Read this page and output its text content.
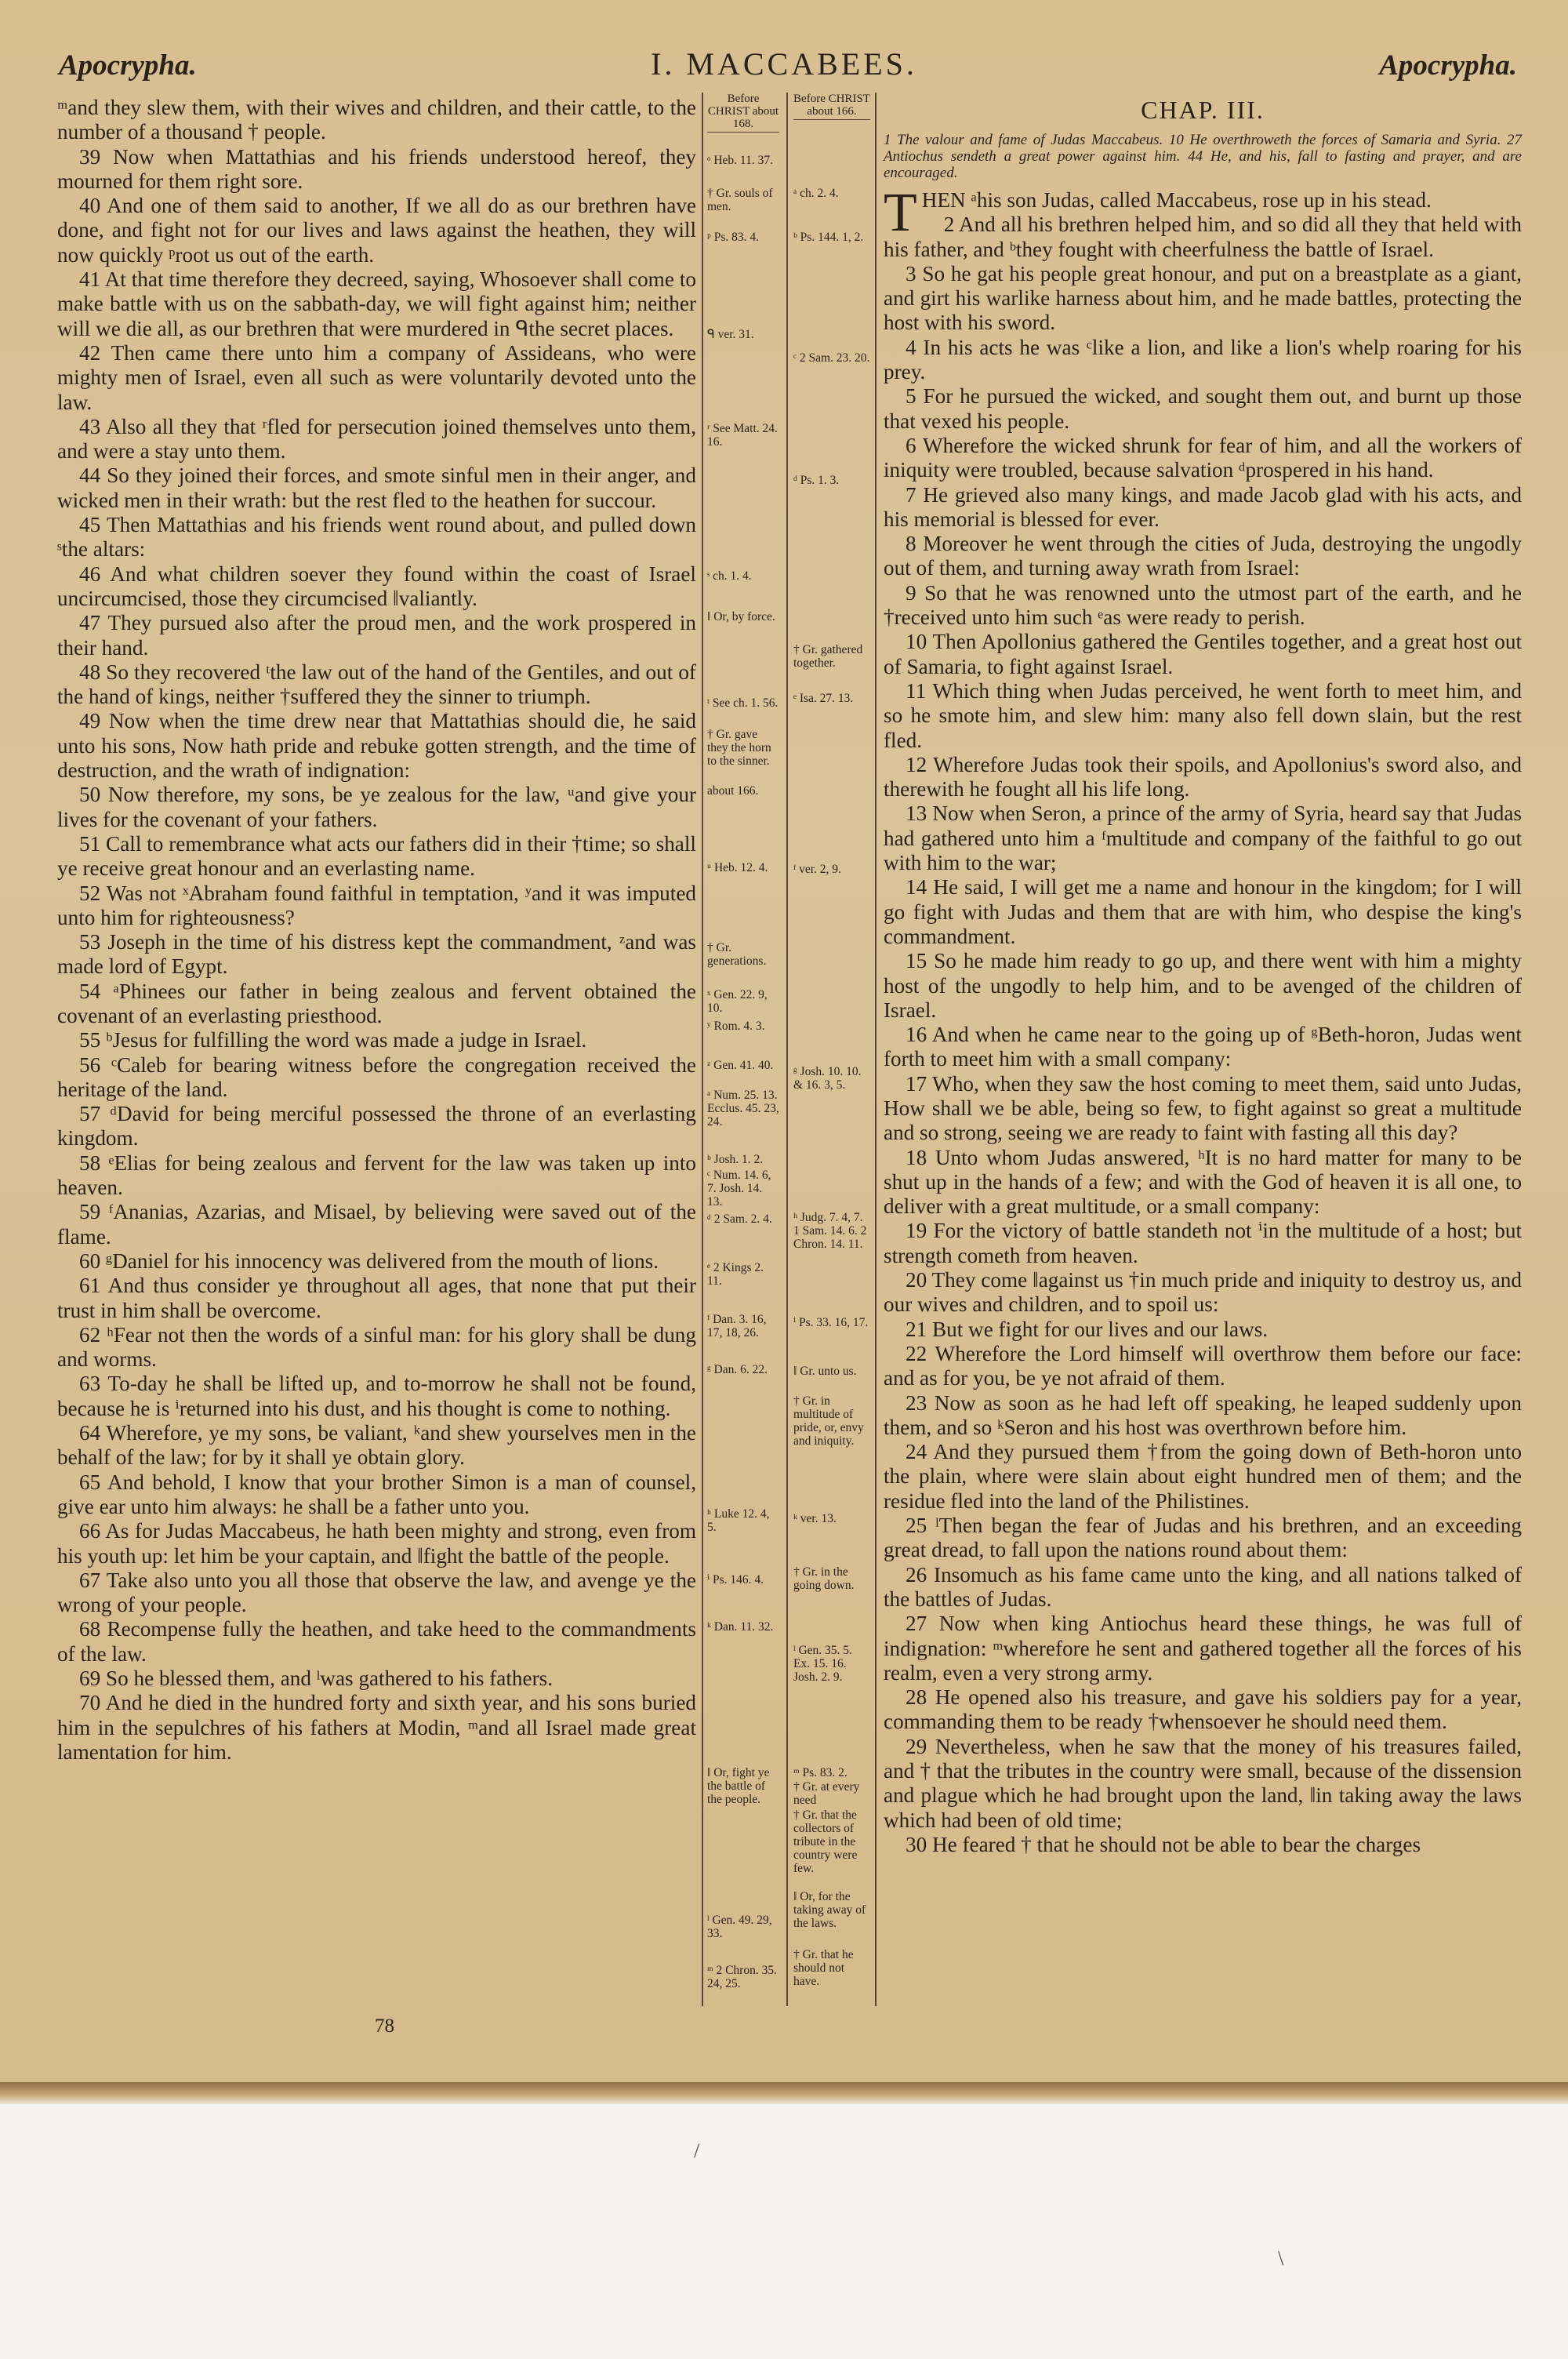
Apocrypha.	I. MACCABEES.	Apocrypha.

ᵐand they slew them, with their wives and children, and their cattle, to the number of a thousand † people.

39 Now when Mattathias and his friends understood hereof, they mourned for them right sore.

40 And one of them said to another, If we all do as our brethren have done, and fight not for our lives and laws against the heathen, they will now quickly ᵖroot us out of the earth.

41 At that time therefore they decreed, saying, Whosoever shall come to make battle with us on the sabbath-day, we will fight against him; neither will we die all, as our brethren that were murdered in ᑫthe secret places.

42 Then came there unto him a company of Assideans, who were mighty men of Israel, even all such as were voluntarily devoted unto the law.

43 Also all they that ʳfled for persecution joined themselves unto them, and were a stay unto them.

44 So they joined their forces, and smote sinful men in their anger, and wicked men in their wrath: but the rest fled to the heathen for succour.

45 Then Mattathias and his friends went round about, and pulled down ˢthe altars:

46 And what children soever they found within the coast of Israel uncircumcised, those they circumcised ‖valiantly.

47 They pursued also after the proud men, and the work prospered in their hand.

48 So they recovered ᵗthe law out of the hand of the Gentiles, and out of the hand of kings, neither †suffered they the sinner to triumph.

49 Now when the time drew near that Mattathias should die, he said unto his sons, Now hath pride and rebuke gotten strength, and the time of destruction, and the wrath of indignation:

50 Now therefore, my sons, be ye zealous for the law, ᵘand give your lives for the covenant of your fathers.

51 Call to remembrance what acts our fathers did in their †time; so shall ye receive great honour and an everlasting name.

52 Was not ˣAbraham found faithful in temptation, ʸand it was imputed unto him for righteousness?

53 Joseph in the time of his distress kept the commandment, ᶻand was made lord of Egypt.

54 ᵃPhinees our father in being zealous and fervent obtained the covenant of an everlasting priesthood.

55 ᵇJesus for fulfilling the word was made a judge in Israel.

56 ᶜCaleb for bearing witness before the congregation received the heritage of the land.

57 ᵈDavid for being merciful possessed the throne of an everlasting kingdom.

58 ᵉElias for being zealous and fervent for the law was taken up into heaven.

59 ᶠAnanias, Azarias, and Misael, by believing were saved out of the flame.

60 ᵍDaniel for his innocency was delivered from the mouth of lions.

61 And thus consider ye throughout all ages, that none that put their trust in him shall be overcome.

62 ʰFear not then the words of a sinful man: for his glory shall be dung and worms.

63 To-day he shall be lifted up, and to-morrow he shall not be found, because he is ⁱreturned into his dust, and his thought is come to nothing.

64 Wherefore, ye my sons, be valiant, ᵏand shew yourselves men in the behalf of the law; for by it shall ye obtain glory.

65 And behold, I know that your brother Simon is a man of counsel, give ear unto him always: he shall be a father unto you.

66 As for Judas Maccabeus, he hath been mighty and strong, even from his youth up: let him be your captain, and ‖fight the battle of the people.

67 Take also unto you all those that observe the law, and avenge ye the wrong of your people.

68 Recompense fully the heathen, and take heed to the commandments of the law.

69 So he blessed them, and ˡwas gathered to his fathers.

70 And he died in the hundred forty and sixth year, and his sons buried him in the sepulchres of his fathers at Modin, ᵐand all Israel made great lamentation for him.

Before CHRIST about 168.
ᵒ Heb. 11. 37.
† Gr. souls of men.
ᵖ Ps. 83. 4.
ᑫ ver. 31.
ʳ See Matt. 24. 16.
ˢ ch. 1. 4.
‖ Or, by force.
ᵗ See ch. 1. 56.
† Gr. gave they the horn to the sinner.
about 166.
ᵘ Heb. 12. 4.
† Gr. generations.
ˣ Gen. 22. 9, 10.
ʸ Rom. 4. 3.
ᶻ Gen. 41. 40.
ᵃ Num. 25. 13. Ecclus. 45. 23, 24.
ᵇ Josh. 1. 2.
ᶜ Num. 14. 6, 7. Josh. 14. 13.
ᵈ 2 Sam. 2. 4.
ᵉ 2 Kings 2. 11.
ᶠ Dan. 3. 16, 17, 18, 26.
ᵍ Dan. 6. 22.
ʰ Luke 12. 4, 5.
ⁱ Ps. 146. 4.
ᵏ Dan. 11. 32.
‖ Or, fight ye the battle of the people.
ˡ Gen. 49. 29, 33.
ᵐ 2 Chron. 35. 24, 25.
Before CHRIST about 166.
ᵃ ch. 2. 4.
ᵇ Ps. 144. 1, 2.
ᶜ 2 Sam. 23. 20.
ᵈ Ps. 1. 3.
† Gr. gathered together.
ᵉ Isa. 27. 13.
ᶠ ver. 2, 9.
ᵍ Josh. 10. 10. & 16. 3, 5.
ʰ Judg. 7. 4, 7. 1 Sam. 14. 6. 2 Chron. 14. 11.
ⁱ Ps. 33. 16, 17.
‖ Gr. unto us.
† Gr. in multitude of pride, or, envy and iniquity.
ᵏ ver. 13.
† Gr. in the going down.
ˡ Gen. 35. 5. Ex. 15. 16. Josh. 2. 9.
ᵐ Ps. 83. 2.
† Gr. at every need
† Gr. that the collectors of tribute in the country were few.
‖ Or, for the taking away of the laws.
† Gr. that he should not have.
CHAP. III.
1 The valour and fame of Judas Maccabeus. 10 He overthroweth the forces of Samaria and Syria. 27 Antiochus sendeth a great power against him. 44 He, and his, fall to fasting and prayer, and are encouraged.

T HEN ᵃhis son Judas, called Maccabeus, rose up in his stead.

2 And all his brethren helped him, and so did all they that held with his father, and ᵇthey fought with cheerfulness the battle of Israel.

3 So he gat his people great honour, and put on a breastplate as a giant, and girt his warlike harness about him, and he made battles, protecting the host with his sword.

4 In his acts he was ᶜlike a lion, and like a lion's whelp roaring for his prey.

5 For he pursued the wicked, and sought them out, and burnt up those that vexed his people.

6 Wherefore the wicked shrunk for fear of him, and all the workers of iniquity were troubled, because salvation ᵈprospered in his hand.

7 He grieved also many kings, and made Jacob glad with his acts, and his memorial is blessed for ever.

8 Moreover he went through the cities of Juda, destroying the ungodly out of them, and turning away wrath from Israel:

9 So that he was renowned unto the utmost part of the earth, and he †received unto him such ᵉas were ready to perish.

10 Then Apollonius gathered the Gentiles together, and a great host out of Samaria, to fight against Israel.

11 Which thing when Judas perceived, he went forth to meet him, and so he smote him, and slew him: many also fell down slain, but the rest fled.

12 Wherefore Judas took their spoils, and Apollonius's sword also, and therewith he fought all his life long.

13 Now when Seron, a prince of the army of Syria, heard say that Judas had gathered unto him a ᶠmultitude and company of the faithful to go out with him to the war;

14 He said, I will get me a name and honour in the kingdom; for I will go fight with Judas and them that are with him, who despise the king's commandment.

15 So he made him ready to go up, and there went with him a mighty host of the ungodly to help him, and to be avenged of the children of Israel.

16 And when he came near to the going up of ᵍBeth-horon, Judas went forth to meet him with a small company:

17 Who, when they saw the host coming to meet them, said unto Judas, How shall we be able, being so few, to fight against so great a multitude and so strong, seeing we are ready to faint with fasting all this day?

18 Unto whom Judas answered, ʰIt is no hard matter for many to be shut up in the hands of a few; and with the God of heaven it is all one, to deliver with a great multitude, or a small company:

19 For the victory of battle standeth not ⁱin the multitude of a host; but strength cometh from heaven.

20 They come ‖against us †in much pride and iniquity to destroy us, and our wives and children, and to spoil us:

21 But we fight for our lives and our laws.

22 Wherefore the Lord himself will overthrow them before our face: and as for you, be ye not afraid of them.

23 Now as soon as he had left off speaking, he leaped suddenly upon them, and so ᵏSeron and his host was overthrown before him.

24 And they pursued them †from the going down of Beth-horon unto the plain, where were slain about eight hundred men of them; and the residue fled into the land of the Philistines.

25 ˡThen began the fear of Judas and his brethren, and an exceeding great dread, to fall upon the nations round about them:

26 Insomuch as his fame came unto the king, and all nations talked of the battles of Judas.

27 Now when king Antiochus heard these things, he was full of indignation: ᵐwherefore he sent and gathered together all the forces of his realm, even a very strong army.

28 He opened also his treasure, and gave his soldiers pay for a year, commanding them to be ready †whensoever he should need them.

29 Nevertheless, when he saw that the money of his treasures failed, and † that the tributes in the country were small, because of the dissension and plague which he had brought upon the land, ‖in taking away the laws which had been of old time;

30 He feared † that he should not be able to bear the charges

78
/
\
